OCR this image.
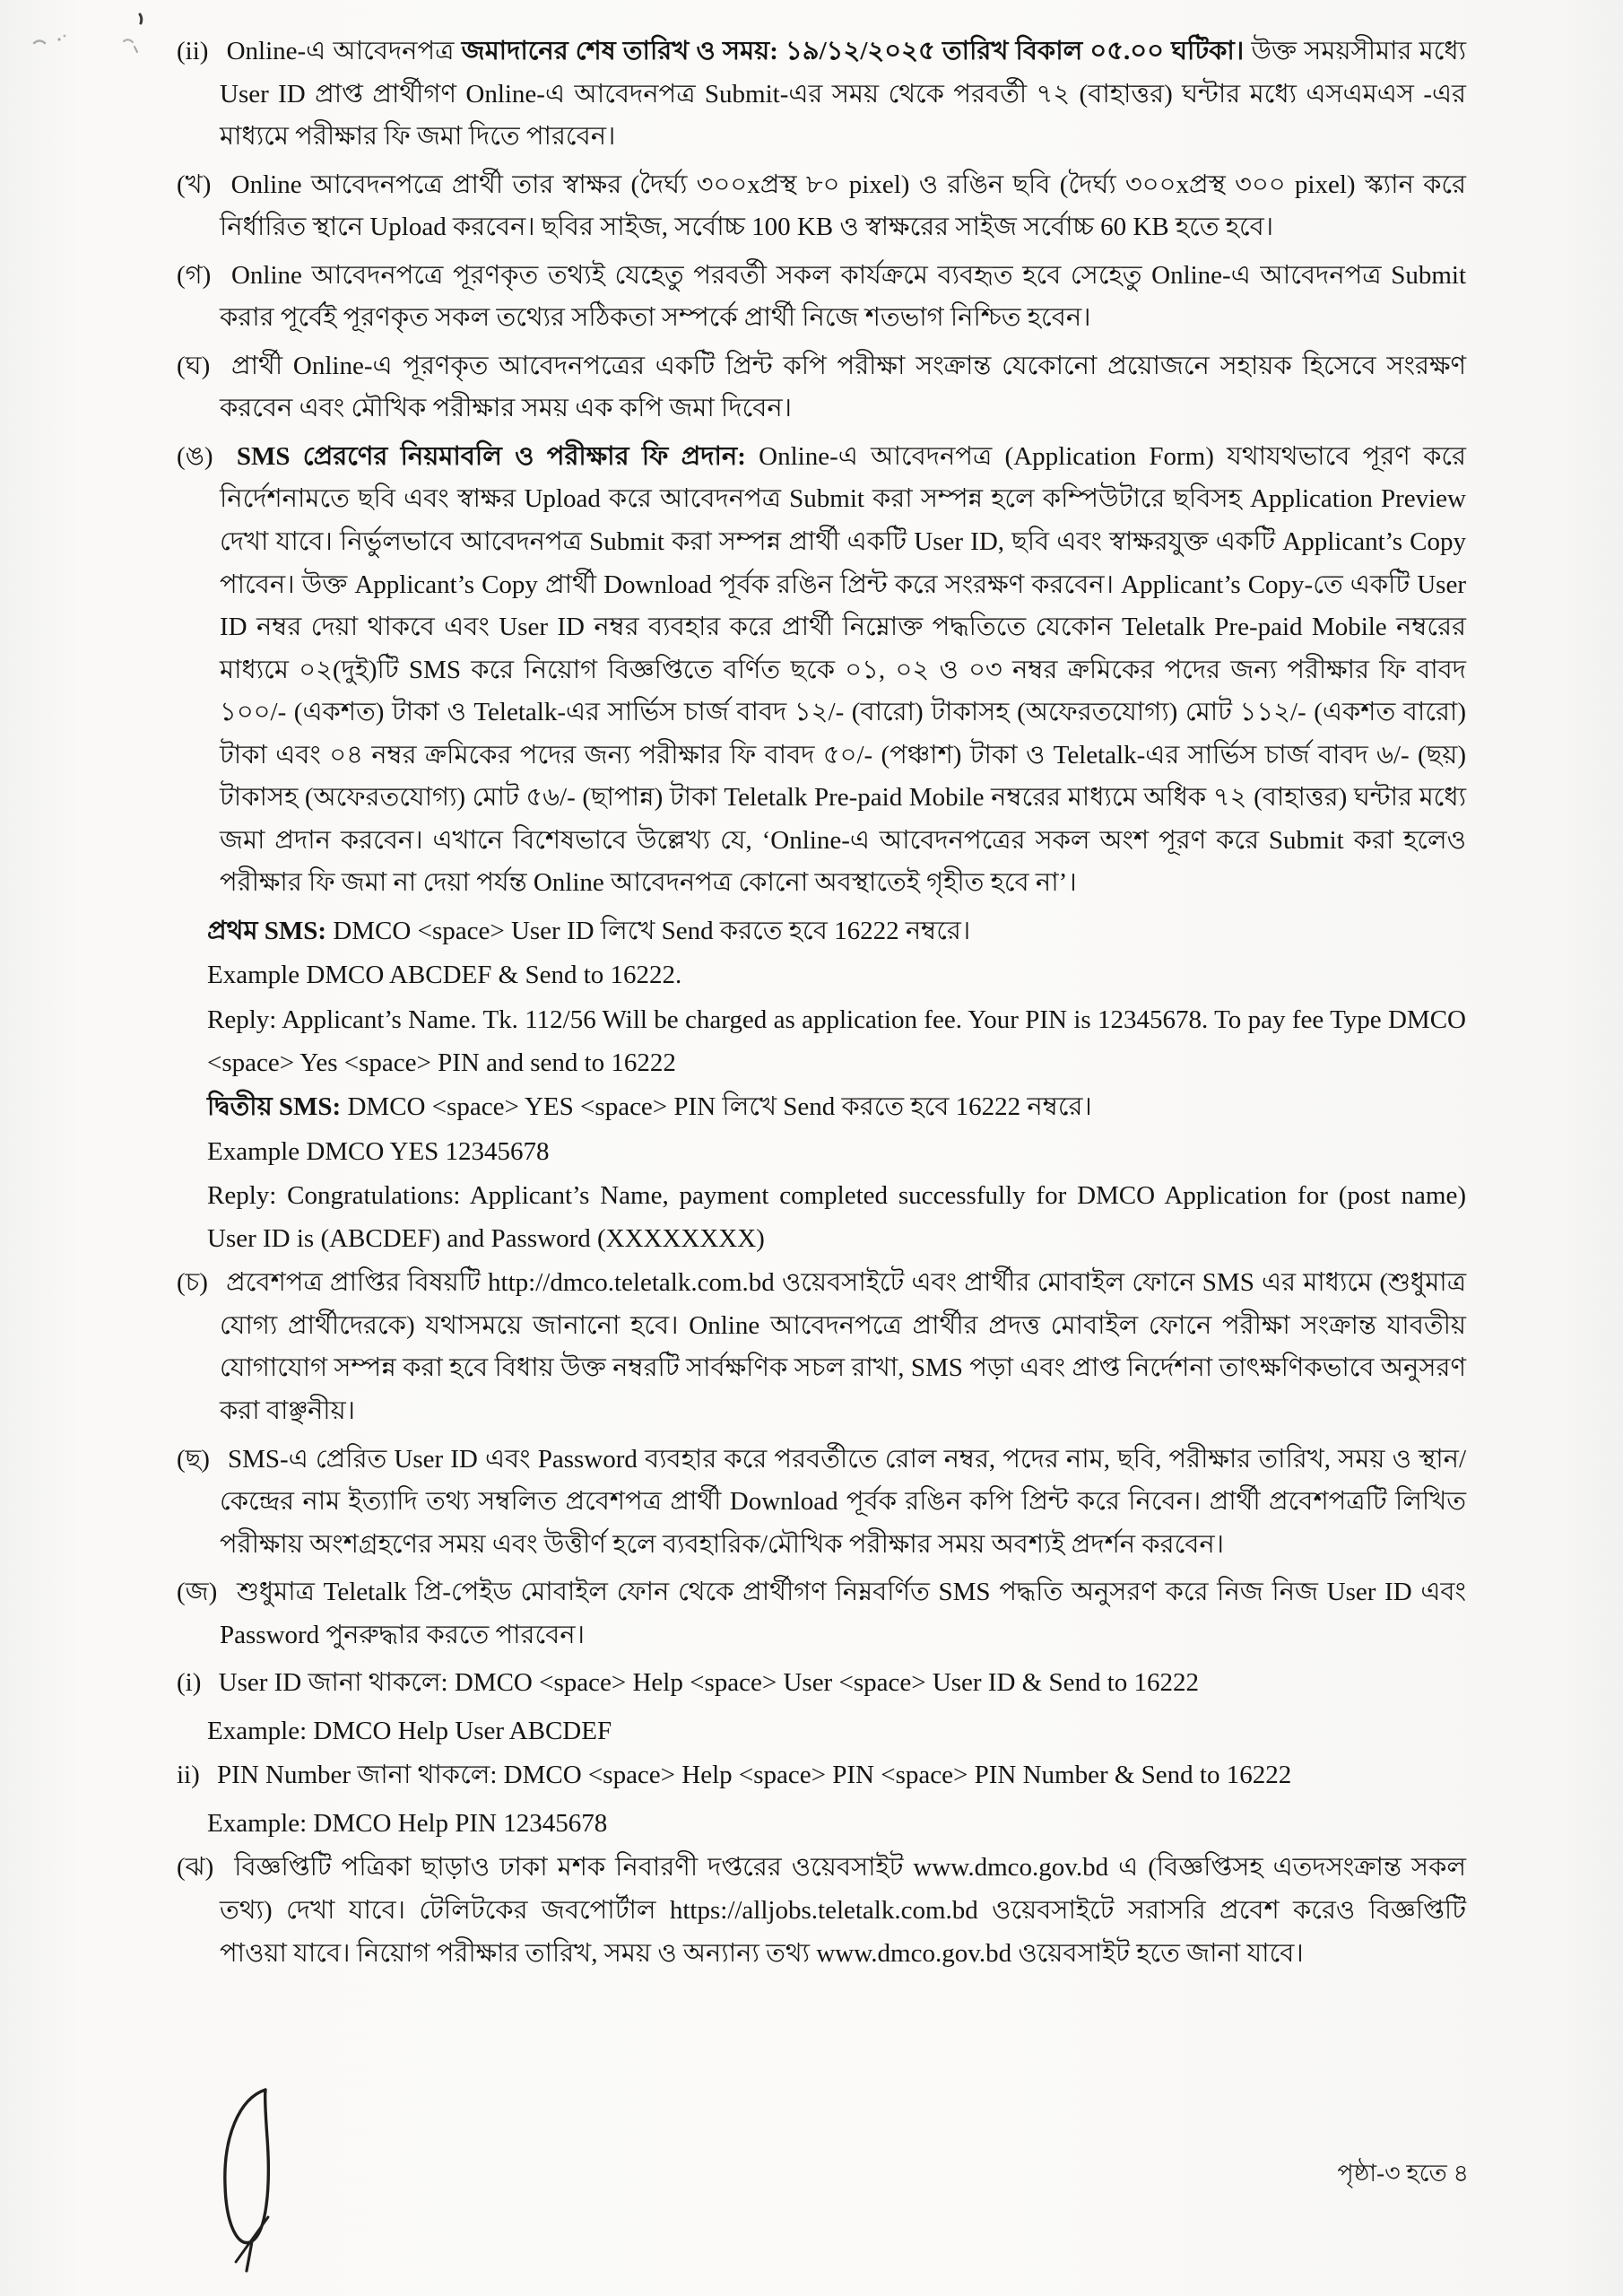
(ii) Online-এ আবেদনপত্র জমাদানের শেষ তারিখ ও সময়: ১৯/১২/২০২৫ তারিখ বিকাল ০৫.০০ ঘটিকা। উক্ত সময়সীমার মধ্যে User ID প্রাপ্ত প্রার্থীগণ Online-এ আবেদনপত্র Submit-এর সময় থেকে পরবর্তী ৭২ (বাহাত্তর) ঘন্টার মধ্যে এসএমএস -এর মাধ্যমে পরীক্ষার ফি জমা দিতে পারবেন।

(খ) Online আবেদনপত্রে প্রার্থী তার স্বাক্ষর (দৈর্ঘ্য ৩০০xপ্রস্থ ৮০ pixel) ও রঙিন ছবি (দৈর্ঘ্য ৩০০xপ্রস্থ ৩০০ pixel) স্ক্যান করে নির্ধারিত স্থানে Upload করবেন। ছবির সাইজ, সর্বোচ্চ 100 KB ও স্বাক্ষরের সাইজ সর্বোচ্চ 60 KB হতে হবে।

(গ) Online আবেদনপত্রে পূরণকৃত তথ্যই যেহেতু পরবর্তী সকল কার্যক্রমে ব্যবহৃত হবে সেহেতু Online-এ আবেদনপত্র Submit করার পূর্বেই পূরণকৃত সকল তথ্যের সঠিকতা সম্পর্কে প্রার্থী নিজে শতভাগ নিশ্চিত হবেন।

(ঘ) প্রার্থী Online-এ পূরণকৃত আবেদনপত্রের একটি প্রিন্ট কপি পরীক্ষা সংক্রান্ত যেকোনো প্রয়োজনে সহায়ক হিসেবে সংরক্ষণ করবেন এবং মৌখিক পরীক্ষার সময় এক কপি জমা দিবেন।

(ঙ) SMS প্রেরণের নিয়মাবলি ও পরীক্ষার ফি প্রদান: Online-এ আবেদনপত্র (Application Form) যথাযথভাবে পূরণ করে নির্দেশনামতে ছবি এবং স্বাক্ষর Upload করে আবেদনপত্র Submit করা সম্পন্ন হলে কম্পিউটারে ছবিসহ Application Preview দেখা যাবে। নির্ভুলভাবে আবেদনপত্র Submit করা সম্পন্ন প্রার্থী একটি User ID, ছবি এবং স্বাক্ষরযুক্ত একটি Applicant’s Copy পাবেন। উক্ত Applicant’s Copy প্রার্থী Download পূর্বক রঙিন প্রিন্ট করে সংরক্ষণ করবেন। Applicant’s Copy-তে একটি User ID নম্বর দেয়া থাকবে এবং User ID নম্বর ব্যবহার করে প্রার্থী নিম্নোক্ত পদ্ধতিতে যেকোন Teletalk Pre-paid Mobile নম্বরের মাধ্যমে ০২(দুই)টি SMS করে নিয়োগ বিজ্ঞপ্তিতে বর্ণিত ছকে ০১, ০২ ও ০৩ নম্বর ক্রমিকের পদের জন্য পরীক্ষার ফি বাবদ ১০০/- (একশত) টাকা ও Teletalk-এর সার্ভিস চার্জ বাবদ ১২/- (বারো) টাকাসহ (অফেরতযোগ্য) মোট ১১২/- (একশত বারো) টাকা এবং ০৪ নম্বর ক্রমিকের পদের জন্য পরীক্ষার ফি বাবদ ৫০/- (পঞ্চাশ) টাকা ও Teletalk-এর সার্ভিস চার্জ বাবদ ৬/- (ছয়) টাকাসহ (অফেরতযোগ্য) মোট ৫৬/- (ছাপান্ন) টাকা Teletalk Pre-paid Mobile নম্বরের মাধ্যমে অধিক ৭২ (বাহাত্তর) ঘন্টার মধ্যে জমা প্রদান করবেন। এখানে বিশেষভাবে উল্লেখ্য যে, ‘Online-এ আবেদনপত্রের সকল অংশ পূরণ করে Submit করা হলেও পরীক্ষার ফি জমা না দেয়া পর্যন্ত Online আবেদনপত্র কোনো অবস্থাতেই গৃহীত হবে না’।

প্রথম SMS: DMCO <space> User ID লিখে Send করতে হবে 16222 নম্বরে।

Example DMCO ABCDEF & Send to 16222.

Reply: Applicant’s Name. Tk. 112/56 Will be charged as application fee. Your PIN is 12345678. To pay fee Type DMCO <space> Yes <space> PIN and send to 16222

দ্বিতীয় SMS: DMCO <space> YES <space> PIN লিখে Send করতে হবে 16222 নম্বরে।

Example DMCO YES 12345678

Reply: Congratulations: Applicant’s Name, payment completed successfully for DMCO Application for (post name) User ID is (ABCDEF) and Password (XXXXXXXX)

(চ) প্রবেশপত্র প্রাপ্তির বিষয়টি http://dmco.teletalk.com.bd ওয়েবসাইটে এবং প্রার্থীর মোবাইল ফোনে SMS এর মাধ্যমে (শুধুমাত্র যোগ্য প্রার্থীদেরকে) যথাসময়ে জানানো হবে। Online আবেদনপত্রে প্রার্থীর প্রদত্ত মোবাইল ফোনে পরীক্ষা সংক্রান্ত যাবতীয় যোগাযোগ সম্পন্ন করা হবে বিধায় উক্ত নম্বরটি সার্বক্ষণিক সচল রাখা, SMS পড়া এবং প্রাপ্ত নির্দেশনা তাৎক্ষণিকভাবে অনুসরণ করা বাঞ্ছনীয়।

(ছ) SMS-এ প্রেরিত User ID এবং Password ব্যবহার করে পরবর্তীতে রোল নম্বর, পদের নাম, ছবি, পরীক্ষার তারিখ, সময় ও স্থান/কেন্দ্রের নাম ইত্যাদি তথ্য সম্বলিত প্রবেশপত্র প্রার্থী Download পূর্বক রঙিন কপি প্রিন্ট করে নিবেন। প্রার্থী প্রবেশপত্রটি লিখিত পরীক্ষায় অংশগ্রহণের সময় এবং উত্তীর্ণ হলে ব্যবহারিক/মৌখিক পরীক্ষার সময় অবশ্যই প্রদর্শন করবেন।

(জ) শুধুমাত্র Teletalk প্রি-পেইড মোবাইল ফোন থেকে প্রার্থীগণ নিম্নবর্ণিত SMS পদ্ধতি অনুসরণ করে নিজ নিজ User ID এবং Password পুনরুদ্ধার করতে পারবেন।

(i) User ID জানা থাকলে: DMCO <space> Help <space> User <space> User ID & Send to 16222

Example: DMCO Help User ABCDEF

ii) PIN Number জানা থাকলে: DMCO <space> Help <space> PIN <space> PIN Number & Send to 16222

Example: DMCO Help PIN 12345678

(ঝ) বিজ্ঞপ্তিটি পত্রিকা ছাড়াও ঢাকা মশক নিবারণী দপ্তরের ওয়েবসাইট www.dmco.gov.bd এ (বিজ্ঞপ্তিসহ এতদসংক্রান্ত সকল তথ্য) দেখা যাবে। টেলিটকের জবপোর্টাল https://alljobs.teletalk.com.bd ওয়েবসাইটে সরাসরি প্রবেশ করেও বিজ্ঞপ্তিটি পাওয়া যাবে। নিয়োগ পরীক্ষার তারিখ, সময় ও অন্যান্য তথ্য www.dmco.gov.bd ওয়েবসাইট হতে জানা যাবে।

পৃষ্ঠা-৩ হতে ৪
